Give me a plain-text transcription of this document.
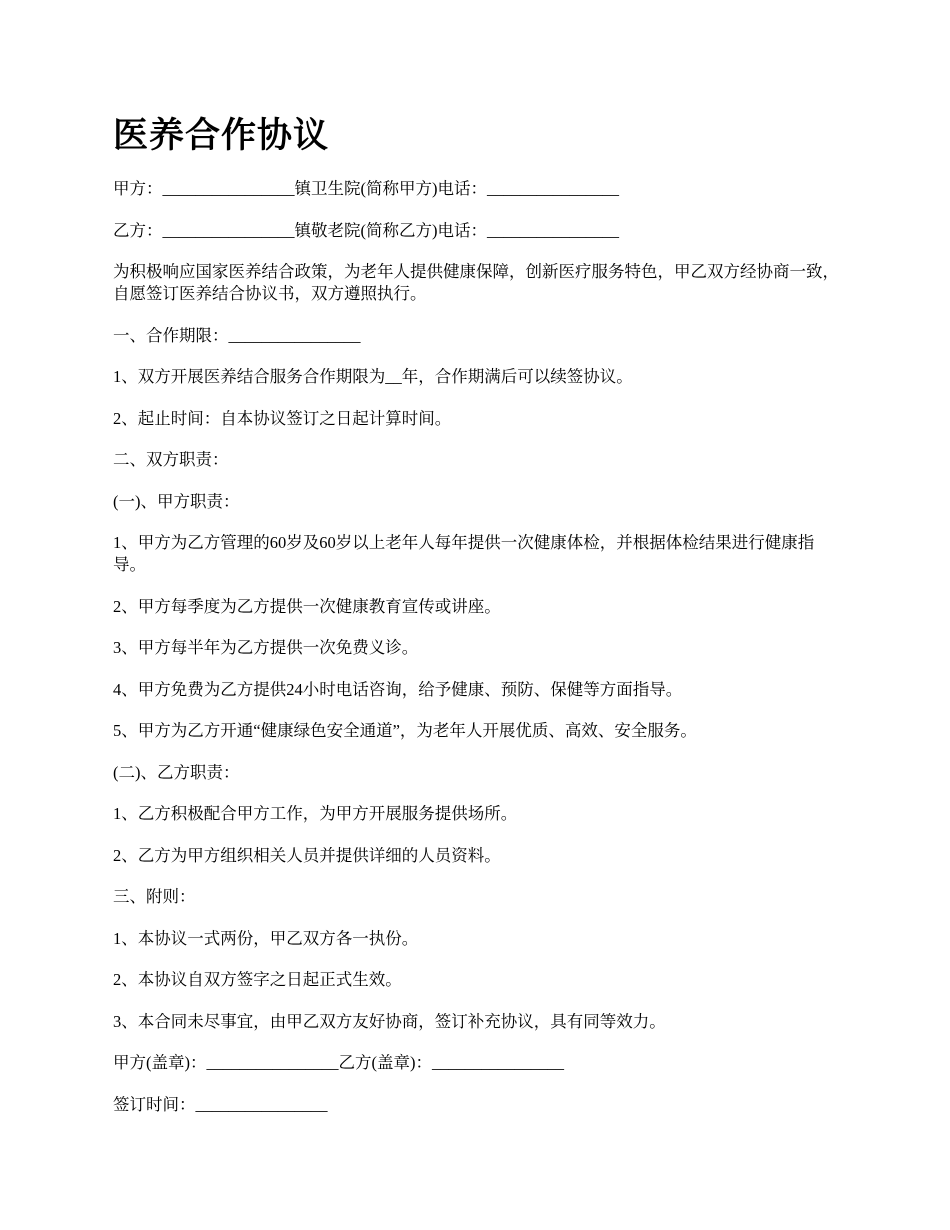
医养合作协议

甲方：________________镇卫生院(简称甲方)电话：________________

乙方：________________镇敬老院(简称乙方)电话：________________

为积极响应国家医养结合政策，为老年人提供健康保障，创新医疗服务特色，甲乙双方经协商一致，自愿签订医养结合协议书，双方遵照执行。

一、合作期限：________________

1、双方开展医养结合服务合作期限为__年，合作期满后可以续签协议。

2、起止时间：自本协议签订之日起计算时间。

二、双方职责：

(一)、甲方职责：

1、甲方为乙方管理的60岁及60岁以上老年人每年提供一次健康体检，并根据体检结果进行健康指导。

2、甲方每季度为乙方提供一次健康教育宣传或讲座。

3、甲方每半年为乙方提供一次免费义诊。

4、甲方免费为乙方提供24小时电话咨询，给予健康、预防、保健等方面指导。

5、甲方为乙方开通“健康绿色安全通道”，为老年人开展优质、高效、安全服务。

(二)、乙方职责：

1、乙方积极配合甲方工作，为甲方开展服务提供场所。

2、乙方为甲方组织相关人员并提供详细的人员资料。

三、附则：

1、本协议一式两份，甲乙双方各一执份。

2、本协议自双方签字之日起正式生效。

3、本合同未尽事宜，由甲乙双方友好协商，签订补充协议，具有同等效力。

甲方(盖章)：________________乙方(盖章)：________________

签订时间：________________
